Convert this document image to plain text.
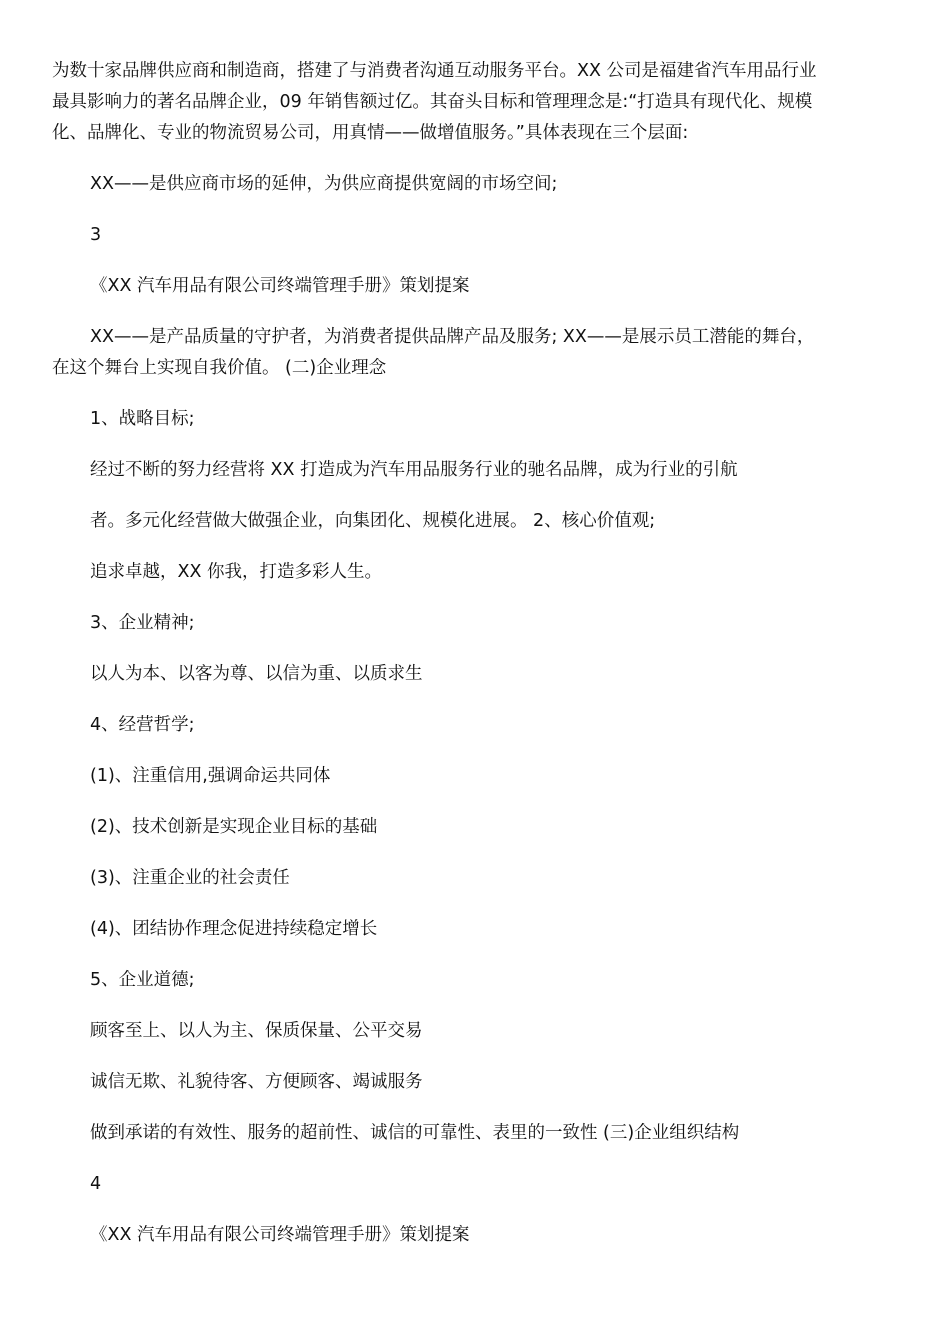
为数十家品牌供应商和制造商，搭建了与消费者沟通互动服务平台。XX 公司是福建省汽车用品行业
最具影响力的著名品牌企业，09 年销售额过亿。其奋头目标和管理理念是:“打造具有现代化、规模
化、品牌化、专业的物流贸易公司，用真情——做增值服务。”具体表现在三个层面:
XX——是供应商市场的延伸，为供应商提供宽阔的市场空间;
3
《XX 汽车用品有限公司终端管理手册》策划提案
XX——是产品质量的守护者，为消费者提供品牌产品及服务; XX——是展示员工潜能的舞台，
在这个舞台上实现自我价值。 (二)企业理念
1、战略目标;
经过不断的努力经营将 XX 打造成为汽车用品服务行业的驰名品牌，成为行业的引航
者。多元化经营做大做强企业，向集团化、规模化进展。 2、核心价值观;
追求卓越，XX 你我，打造多彩人生。
3、企业精神;
以人为本、以客为尊、以信为重、以质求生
4、经营哲学;
(1)、注重信用,强调命运共同体
(2)、技术创新是实现企业目标的基础
(3)、注重企业的社会责任
(4)、团结协作理念促进持续稳定增长
5、企业道德;
顾客至上、以人为主、保质保量、公平交易
诚信无欺、礼貌待客、方便顾客、竭诚服务
做到承诺的有效性、服务的超前性、诚信的可靠性、表里的一致性 (三)企业组织结构
4
《XX 汽车用品有限公司终端管理手册》策划提案
